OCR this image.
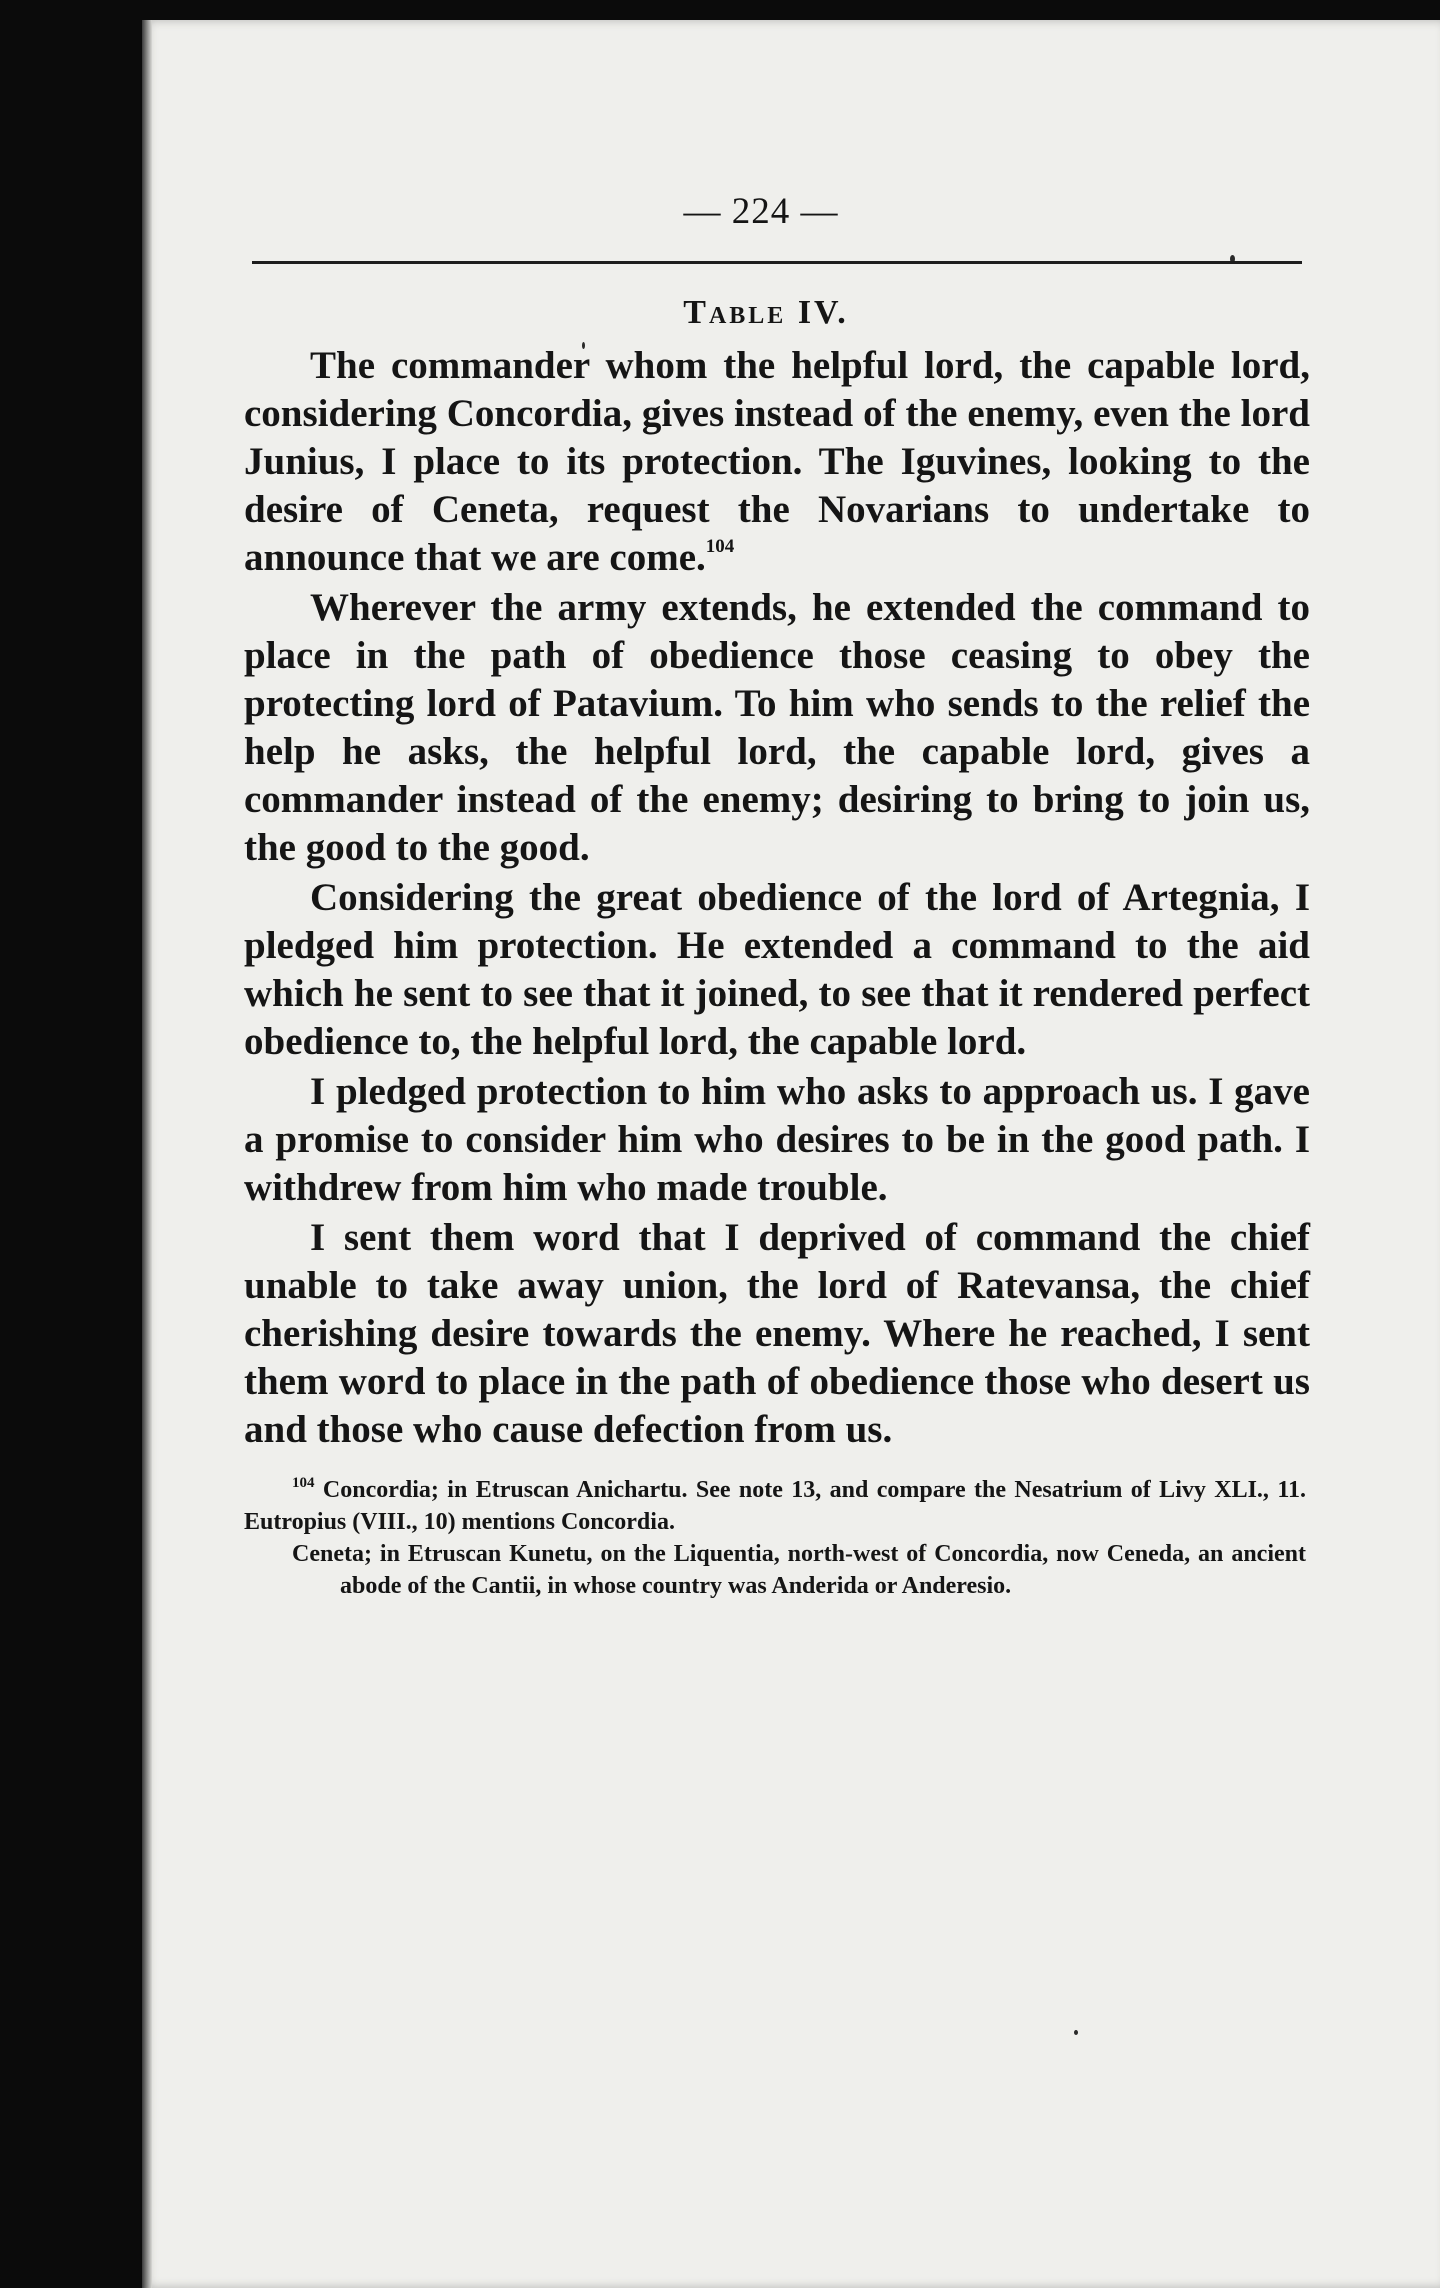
— 224 —
Table IV.

The commander whom the helpful lord, the capable lord, considering Concordia, gives instead of the enemy, even the lord Junius, I place to its protection. The Iguvines, looking to the desire of Ceneta, request the Novarians to undertake to announce that we are come.$^{104}$

Wherever the army extends, he extended the command to place in the path of obedience those ceasing to obey the protecting lord of Patavium. To him who sends to the relief the help he asks, the helpful lord, the capable lord, gives a commander instead of the enemy; desiring to bring to join us, the good to the good.

Considering the great obedience of the lord of Artegnia, I pledged him protection. He extended a command to the aid which he sent to see that it joined, to see that it rendered perfect obedience to, the helpful lord, the capable lord.

I pledged protection to him who asks to approach us. I gave a promise to consider him who desires to be in the good path. I withdrew from him who made trouble.

I sent them word that I deprived of command the chief unable to take away union, the lord of Ratevansa, the chief cherishing desire towards the enemy. Where he reached, I sent them word to place in the path of obedience those who desert us and those who cause defection from us.

$^{104}$ Concordia; in Etruscan Anichartu. See note 13, and compare the Nesatrium of Livy XLI., 11. Eutropius (VIII., 10) mentions Concordia.

Ceneta; in Etruscan Kunetu, on the Liquentia, north-west of Concordia, now Ceneda, an ancient abode of the Cantii, in whose country was Anderida or Anderesio.
